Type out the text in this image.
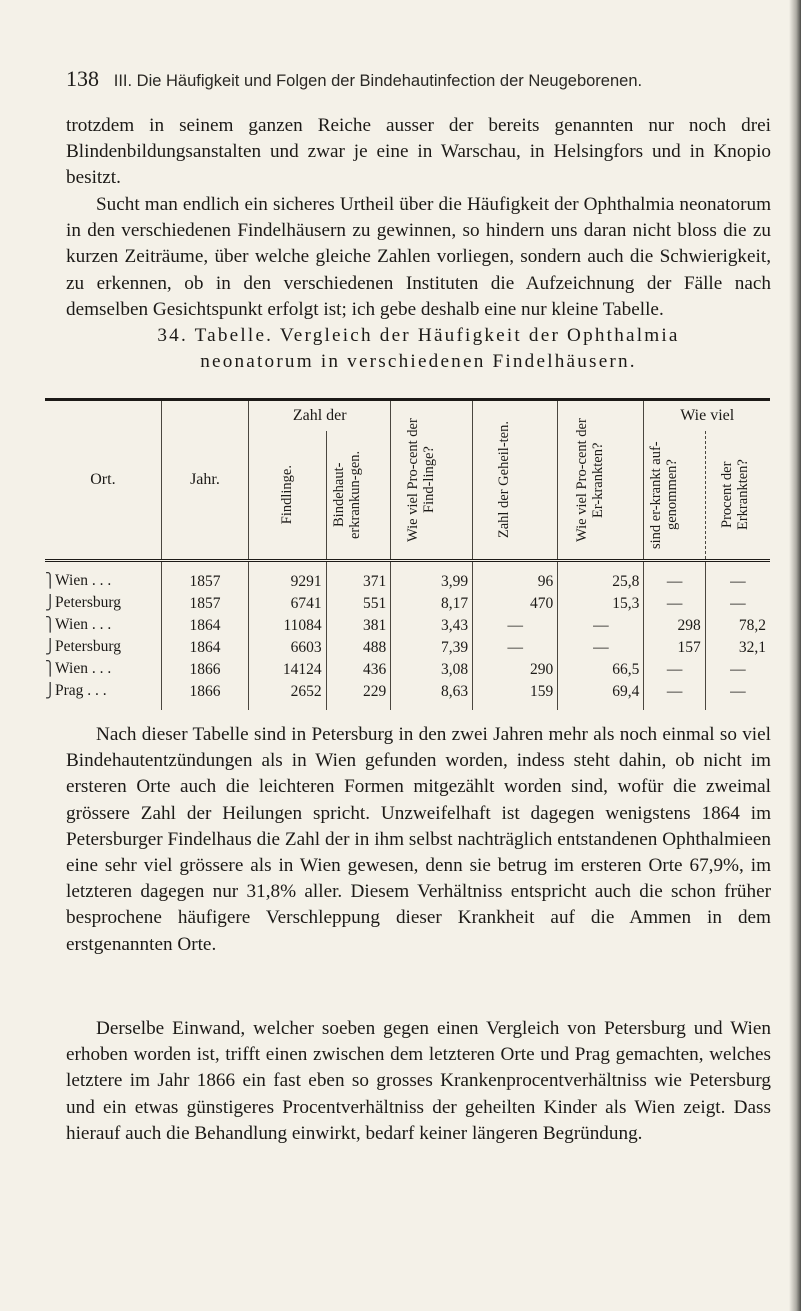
138 III. Die Häufigkeit und Folgen der Bindehautinfection der Neugeborenen.

trotzdem in seinem ganzen Reiche ausser der bereits genannten nur noch drei Blindenbildungsanstalten und zwar je eine in Warschau, in Helsingfors und in Knopio besitzt.

Sucht man endlich ein sicheres Urtheil über die Häufigkeit der Ophthalmia neonatorum in den verschiedenen Findelhäusern zu gewinnen, so hindern uns daran nicht bloss die zu kurzen Zeiträume, über welche gleiche Zahlen vorliegen, sondern auch die Schwierigkeit, zu erkennen, ob in den verschiedenen Instituten die Aufzeichnung der Fälle nach demselben Gesichtspunkt erfolgt ist; ich gebe deshalb eine nur kleine Tabelle.

34. Tabelle. Vergleich der Häufigkeit der Ophthalmia
neonatorum in verschiedenen Findelhäusern.
Ort.	Jahr.	Zahl der		Wie viel Pro-cent der Find-linge?	Zahl der Geheil-ten.	Wie viel Pro-cent der Er-krankten?	Wie viel	

		Findlinge.	Bindehaut-erkrankun-gen.				sind er-krankt auf-genommen?	Procent der Erkrankten?

⎫Wien . . .	1857	9291	371	3,99	96	25,8	—	—
⎭Petersburg	1857	6741	551	8,17	470	15,3	—	—
⎫Wien . . .	1864	11084	381	3,43	—	—	298	78,2
⎭Petersburg	1864	6603	488	7,39	—	—	157	32,1
⎫Wien . . .	1866	14124	436	3,08	290	66,5	—	—
⎭Prag . . .	1866	2652	229	8,63	159	69,4	—	—

Nach dieser Tabelle sind in Petersburg in den zwei Jahren mehr als noch einmal so viel Bindehautentzündungen als in Wien gefunden worden, indess steht dahin, ob nicht im ersteren Orte auch die leichteren Formen mitgezählt worden sind, wofür die zweimal grössere Zahl der Heilungen spricht. Unzweifelhaft ist dagegen wenigstens 1864 im Petersburger Findelhaus die Zahl der in ihm selbst nachträglich entstandenen Ophthalmieen eine sehr viel grössere als in Wien gewesen, denn sie betrug im ersteren Orte 67,9%, im letzteren dagegen nur 31,8% aller. Diesem Verhältniss entspricht auch die schon früher besprochene häufigere Verschleppung dieser Krankheit auf die Ammen in dem erstgenannten Orte.

Derselbe Einwand, welcher soeben gegen einen Vergleich von Petersburg und Wien erhoben worden ist, trifft einen zwischen dem letzteren Orte und Prag gemachten, welches letztere im Jahr 1866 ein fast eben so grosses Krankenprocentverhältniss wie Petersburg und ein etwas günstigeres Procentverhältniss der geheilten Kinder als Wien zeigt. Dass hierauf auch die Behandlung einwirkt, bedarf keiner längeren Begründung.
